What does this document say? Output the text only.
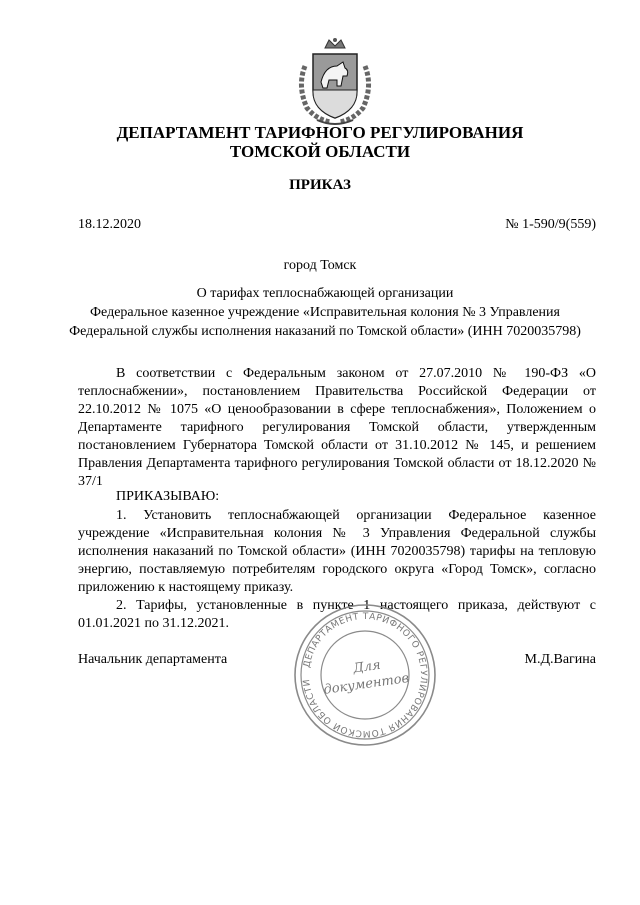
ДЕПАРТАМЕНТ ТАРИФНОГО РЕГУЛИРОВАНИЯ
ТОМСКОЙ ОБЛАСТИ
ПРИКАЗ
18.12.2020	№ 1-590/9(559)
город Томск
О тарифах теплоснабжающей организации
Федеральное казенное учреждение «Исправительная колония № 3 Управления
Федеральной службы исполнения наказаний по Томской области» (ИНН 7020035798)

В соответствии с Федеральным законом от 27.07.2010 № 190-ФЗ «О теплоснабжении», постановлением Правительства Российской Федерации от 22.10.2012 № 1075 «О ценообразовании в сфере теплоснабжения», Положением о Департаменте тарифного регулирования Томской области, утвержденным постановлением Губернатора Томской области от 31.10.2012 № 145, и решением Правления Департамента тарифного регулирования Томской области от 18.12.2020 № 37/1

ПРИКАЗЫВАЮ:

1. Установить теплоснабжающей организации Федеральное казенное учреждение «Исправительная колония № 3 Управления Федеральной службы исполнения наказаний по Томской области» (ИНН 7020035798) тарифы на тепловую энергию, поставляемую потребителям городского округа «Город Томск», согласно приложению к настоящему приказу.

2. Тарифы, установленные в пункте 1 настоящего приказа, действуют с 01.01.2021 по 31.12.2021.

Начальник департамента	М.Д.Вагина
ДЕПАРТАМЕНТ ТАРИФНОГО РЕГУЛИРОВАНИЯ ТОМСКОЙ ОБЛАСТИ
Для
документов
